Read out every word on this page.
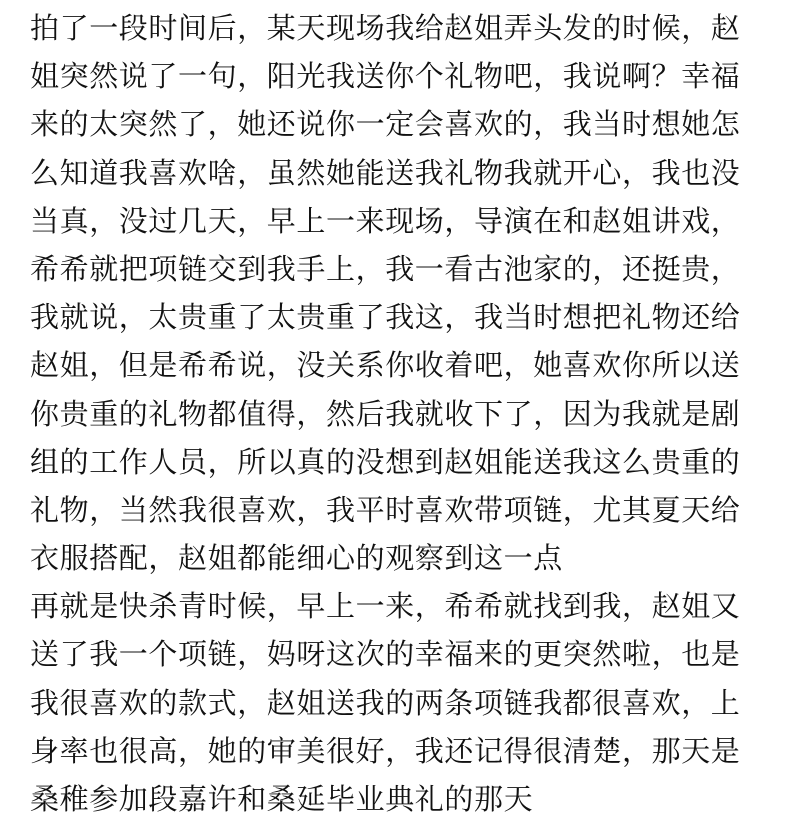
拍了一段时间后，某天现场我给赵姐弄头发的时候，赵
姐突然说了一句，阳光我送你个礼物吧，我说啊？幸福
来的太突然了，她还说你一定会喜欢的，我当时想她怎
么知道我喜欢啥，虽然她能送我礼物我就开心，我也没
当真，没过几天，早上一来现场，导演在和赵姐讲戏，
希希就把项链交到我手上，我一看古池家的，还挺贵，
我就说，太贵重了太贵重了我这，我当时想把礼物还给
赵姐，但是希希说，没关系你收着吧，她喜欢你所以送
你贵重的礼物都值得，然后我就收下了，因为我就是剧
组的工作人员，所以真的没想到赵姐能送我这么贵重的
礼物，当然我很喜欢，我平时喜欢带项链，尤其夏天给
衣服搭配，赵姐都能细心的观察到这一点
再就是快杀青时候，早上一来，希希就找到我，赵姐又
送了我一个项链，妈呀这次的幸福来的更突然啦，也是
我很喜欢的款式，赵姐送我的两条项链我都很喜欢，上
身率也很高，她的审美很好，我还记得很清楚，那天是
桑稚参加段嘉许和桑延毕业典礼的那天
